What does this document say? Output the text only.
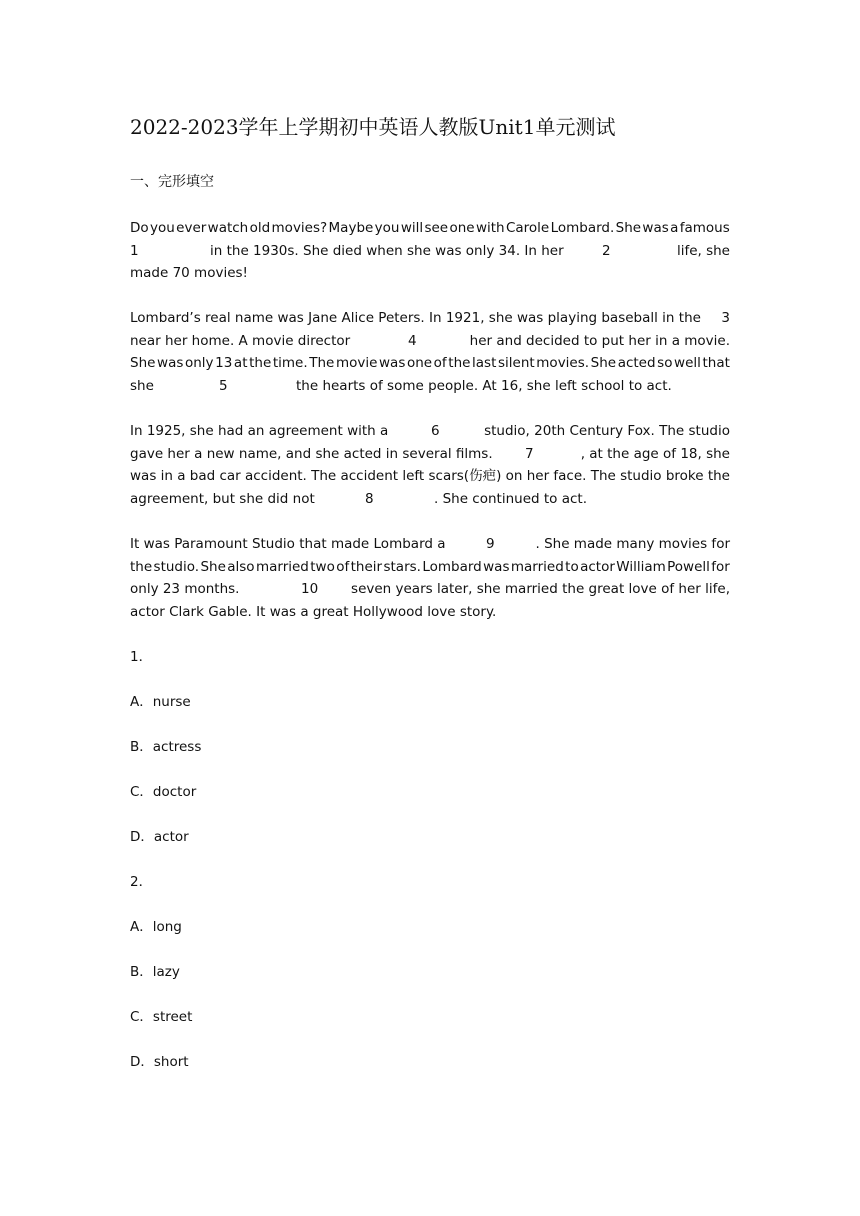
2022-2023学年上学期初中英语人教版Unit1单元测试
一、完形填空
Do you ever watch old movies? Maybe you will see one with Carole Lombard. She was a famous
1	in the 1930s. She died when she was only 34. In her	2	life, she
made 70 movies!
Lombard’s real name was Jane Alice Peters. In 1921, she was playing baseball in the 3
near her home. A movie director	4	her and decided to put her in a movie.
She was only 13 at the time. The movie was one of the last silent movies. She acted so well that
she	5	the hearts of some people. At 16, she left school to act.
In 1925, she had an agreement with a	6	studio, 20th Century Fox. The studio
gave her a new name, and she acted in several films. 7	, at the age of 18, she
was in a bad car accident. The accident left scars(伤疤) on her face. The studio broke the
agreement, but she did not	8	. She continued to act.
It was Paramount Studio that made Lombard a	9	. She made many movies for
the studio. She also married two of their stars. Lombard was married to actor William Powell for
only 23 months.	10 seven years later, she married the great love of her life,
actor Clark Gable. It was a great Hollywood love story.
1．
A．nurse
B．actress
C．doctor
D．actor
2．
A．long
B．lazy
C．street
D．short
